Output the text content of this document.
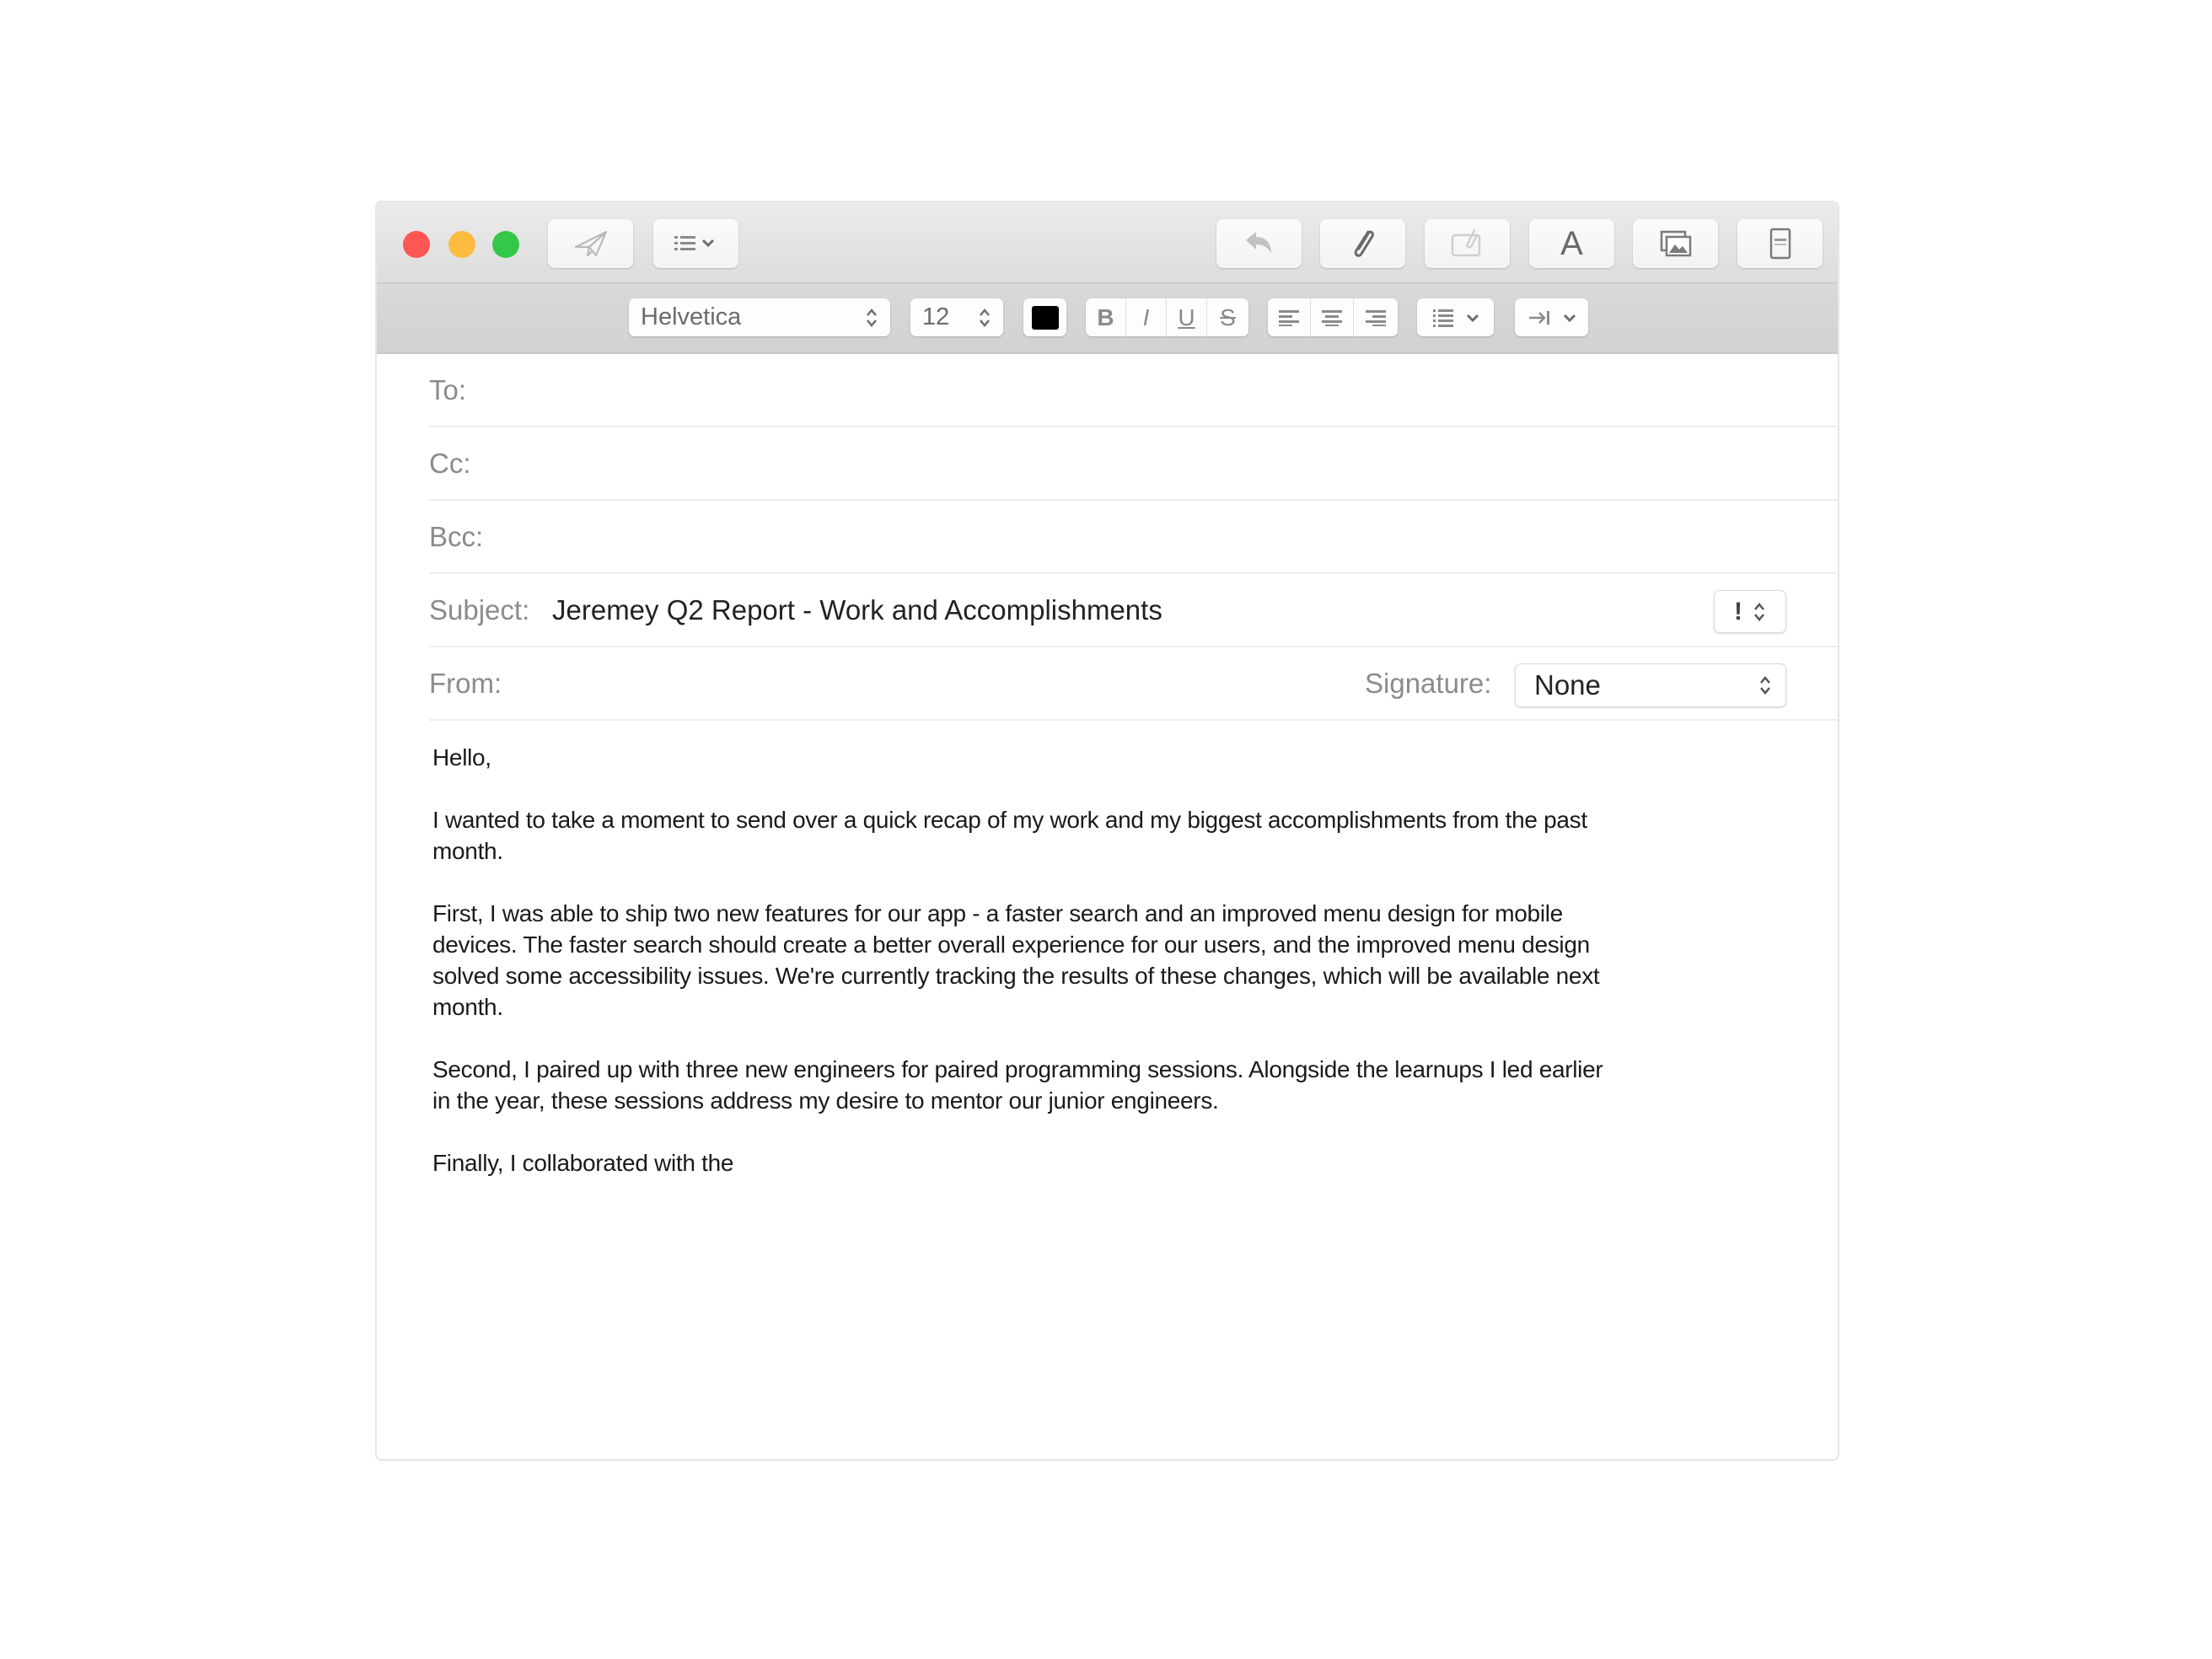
A
Helvetica	12	B	I	U	S
To:
Cc:
Bcc:
Subject: Jeremey Q2 Report - Work and Accomplishments	!
From:	Signature:	None
Hello,
I wanted to take a moment to send over a quick recap of my work and my biggest accomplishments from the past
month.
First, I was able to ship two new features for our app - a faster search and an improved menu design for mobile
devices. The faster search should create a better overall experience for our users, and the improved menu design
solved some accessibility issues. We're currently tracking the results of these changes, which will be available next
month.
Second, I paired up with three new engineers for paired programming sessions. Alongside the learnups I led earlier
in the year, these sessions address my desire to mentor our junior engineers.
Finally, I collaborated with the
